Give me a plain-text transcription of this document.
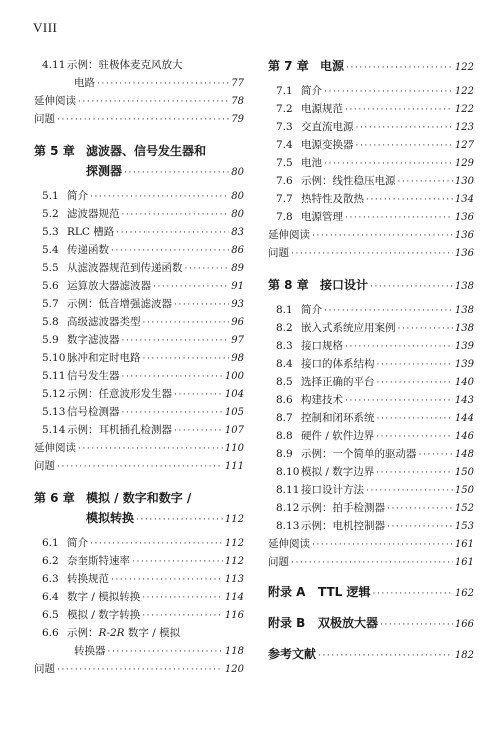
VIII
4.11 示例：驻极体麦克风放大
电路 ·····	77
延伸阅读 ·····	78
问题 ·····	79
第 5 章 滤波器、信号发生器和
探测器 ·····	80
5.1 简介 ·····	80
5.2 滤波器规范 ·····	80
5.3 RLC 槽路 ·····	83
5.4 传递函数 ·····	86
5.5 从滤波器规范到传递函数 ·····	89
5.6 运算放大器滤波器 ·····	91
5.7 示例：低音增强滤波器 ·····	93
5.8 高级滤波器类型 ·····	96
5.9 数字滤波器 ·····	97
5.10 脉冲和定时电路 ·····	98
5.11 信号发生器 ·····	100
5.12 示例：任意波形发生器 ·····	104
5.13 信号检测器 ·····	105
5.14 示例：耳机插孔检测器 ·····	107
延伸阅读 ·····	110
问题 ·····	111
第 6 章 模拟 / 数字和数字 /
模拟转换 ·····	112
6.1 简介 ·····	112
6.2 奈奎斯特速率 ·····	112
6.3 转换规范 ·····	113
6.4 数字 / 模拟转换 ·····	114
6.5 模拟 / 数字转换 ·····	116
6.6 示例：R-2R 数字 / 模拟
转换器 ·····	118
问题 ·····	120
第 7 章 电源 ·····	122
7.1 简介 ·····	122
7.2 电源规范 ·····	122
7.3 交直流电源 ·····	123
7.4 电源变换器 ·····	127
7.5 电池 ·····	129
7.6 示例：线性稳压电源 ·····	130
7.7 热特性及散热 ·····	134
7.8 电源管理 ·····	136
延伸阅读 ·····	136
问题 ·····	136
第 8 章 接口设计 ·····	138
8.1 简介 ·····	138
8.2 嵌入式系统应用案例 ·····	138
8.3 接口规格 ·····	139
8.4 接口的体系结构 ·····	139
8.5 选择正确的平台 ·····	140
8.6 构建技术 ·····	143
8.7 控制和闭环系统 ·····	144
8.8 硬件 / 软件边界 ·····	146
8.9 示例：一个简单的驱动器 ·····	148
8.10 模拟 / 数字边界 ·····	150
8.11 接口设计方法 ·····	150
8.12 示例：拍手检测器 ·····	152
8.13 示例：电机控制器 ·····	153
延伸阅读 ·····	161
问题 ·····	161
附录 A	TTL 逻辑 ·····	162
附录 B	双极放大器 ·····	166
参考文献 ·····	182
